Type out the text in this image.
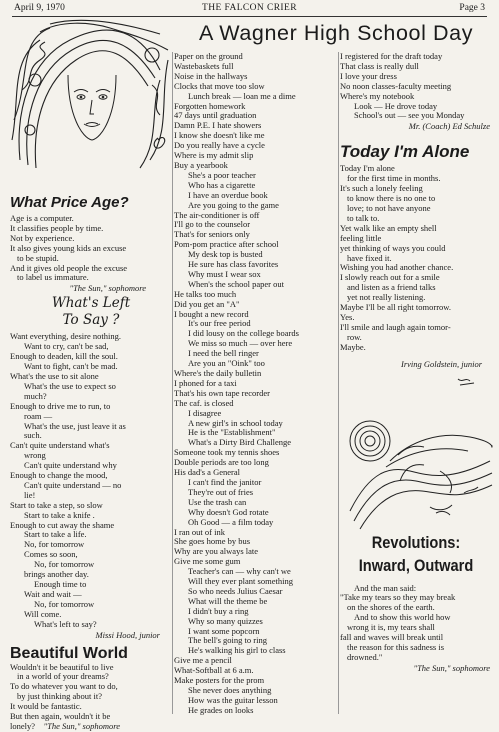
April 9, 1970	THE FALCON CRIER	Page 3
A Wagner High School Day
What Price Age?
Age is a computer.
It classifies people by time.
Not by experience.
It also gives young kids an excuse
to be stupid.
And it gives old people the excuse
to label us immature.
"The Sun," sophomore
What's Left
To Say ?
Want everything, desire nothing.
Want to cry, can't be sad,
Enough to deaden, kill the soul.
Want to fight, can't be mad.
What's the use to sit alone
What's the use to expect so
much?
Enough to drive me to run, to
roam —
What's the use, just leave it as
such.
Can't quite understand what's
wrong
Can't quite understand why
Enough to change the mood,
Can't quite understand — no
lie!
Start to take a step, so slow
Start to take a knife .
Enough to cut away the shame
Start to take a life.
No, for tomorrow
Comes so soon,
No, for tomorrow
brings another day.
Enough time to
Wait and wait —
No, for tomorrow
Will come.
What's left to say?
Missi Hood, junior
Beautiful World
Wouldn't it be beautiful to live
in a world of your dreams?
To do whatever you want to do,
by just thinking about it?
It would be fantastic.
But then again, wouldn't it be
lonely? "The Sun," sophomore
Paper on the ground
Wastebaskets full
Noise in the hallways
Clocks that move too slow
Lunch break — loan me a dime
Forgotten homework
47 days until graduation
Damn P.E. I hate showers
I know she doesn't like me
Do you really have a cycle
Where is my admit slip
Buy a yearbook
She's a poor teacher
Who has a cigarette
I have an overdue book
Are you going to the game
The air-conditioner is off
I'll go to the counselor
That's for seniors only
Pom-pom practice after school
My desk top is busted
He sure has class favorites
Why must I wear sox
When's the school paper out
He talks too much
Did you get an "A"
I bought a new record
It's our free period
I did lousy on the college boards
We miss so much — over here
I need the bell ringer
Are you an "Oink" too
Where's the daily bulletin
I phoned for a taxi
That's his own tape recorder
The caf. is closed
I disagree
A new girl's in school today
He is the "Establishment"
What's a Dirty Bird Challenge
Someone took my tennis shoes
Double periods are too long
His dad's a General
I can't find the janitor
They're out of fries
Use the trash can
Why doesn't God rotate
Oh Good — a film today
I ran out of ink
She goes home by bus
Why are you always late
Give me some gum
Teacher's can — why can't we
Will they ever plant something
So who needs Julius Caesar
What will the theme be
I didn't buy a ring
Why so many quizzes
I want some popcorn
The bell's going to ring
He's walking his girl to class
Give me a pencil
What-Softball at 6 a.m.
Make posters for the prom
She never does anything
How was the guitar lesson
He grades on looks
I registered for the draft today
That class is really dull
I love your dress
No noon classes-faculty meeting
Where's my notebook
Look — He drove today
School's out — see you Monday
Mr. (Coach) Ed Schulze
Today I'm Alone
Today I'm alone
for the first time in months.
It's such a lonely feeling
to know there is no one to
love; to not have anyone
to talk to.
Yet walk like an empty shell
feeling little
yet thinking of ways you could
have fixed it.
Wishing you had another chance.
I slowly reach out for a smile
and listen as a friend talks
yet not really listening.
Maybe I'll be all right tomorrow.
Yes.
I'll smile and laugh again tomor-
row.
Maybe.
Irving Goldstein, junior
Revolutions:
Inward, Outward
And the man said:
"Take my tears so they may break
on the shores of the earth.
And to show this world how
wrong it is, my tears shall
fall and waves will break until
the reason for this sadness is
drowned."
"The Sun," sophomore
